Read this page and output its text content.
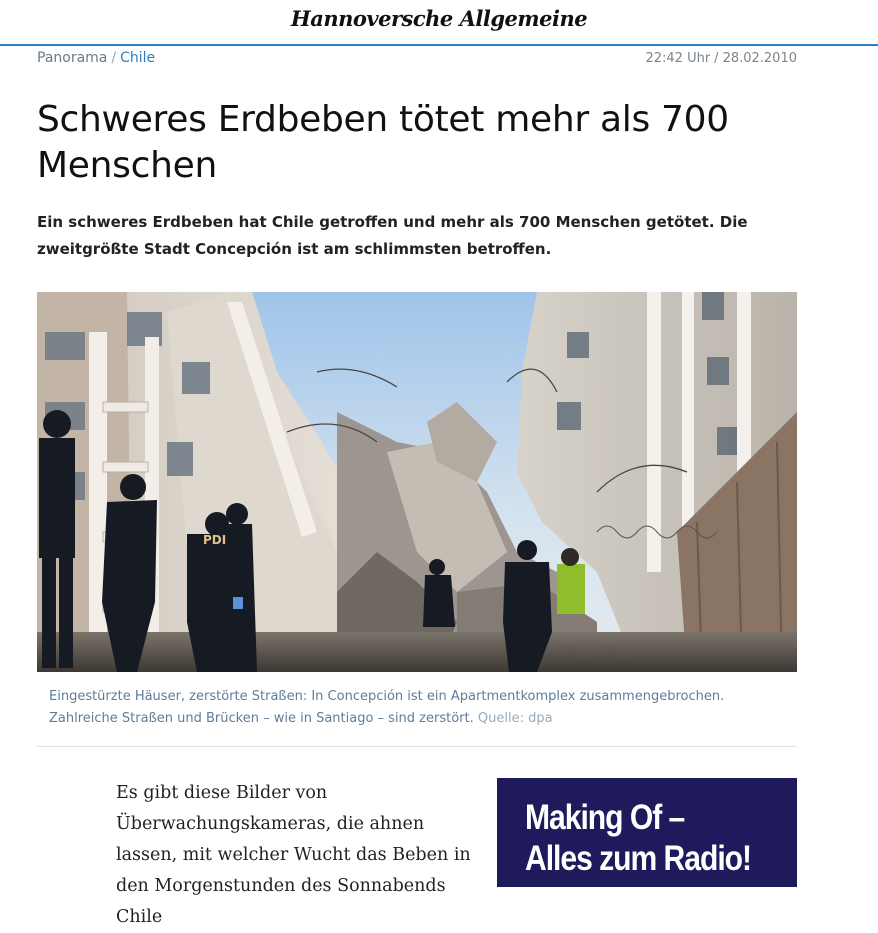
Hannoversche Allgemeine
Panorama / Chile	22:42 Uhr / 28.02.2010
Schweres Erdbeben tötet mehr als 700 Menschen

Ein schweres Erdbeben hat Chile getroffen und mehr als 700 Menschen getötet. Die zweitgrößte Stadt Concepción ist am schlimmsten betroffen.

PDI
Eingestürzte Häuser, zerstörte Straßen: In Concepción ist ein Apartmentkomplex zusammengebrochen. Zahlreiche Straßen und Brücken – wie in Santiago – sind zerstört. Quelle: dpa
Es gibt diese Bilder von Überwachungskameras, die ahnen lassen, mit welcher Wucht das Beben in den Morgenstunden des Sonnabends Chile
Making Of –
Alles zum Radio!
